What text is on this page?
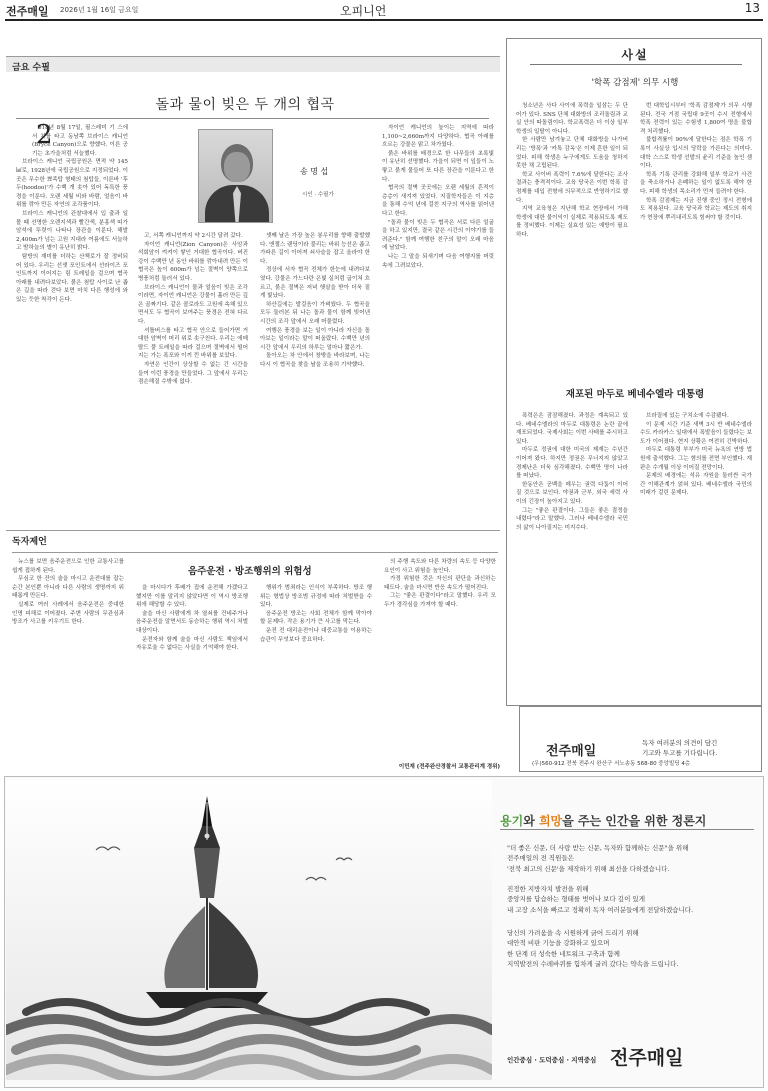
전주매일 2026년 1월 16일 금요일	오피니언	13
금요 수필
돌과 물이 빚은 두 개의 협곡
송 명 섭
시인 · 수필가
2

018년 8월 17일, 필스레미 기 스에서 차를 타고 동남쪽 브라이스 캐니언(Bryce Canyon)으로 향했다. 이른 공기는 초가을처럼 서늘했다.

브라이스 캐니언 국립공원은 면적 약 145㎢로, 1928년에 국립공원으로 지정되었다. 이곳은 무수한 뾰족탑 형태의 첨탑들, 이른바 '후두(hoodoo)'가 수백 개 솟아 있어 독특한 풍경을 이룬다. 오랜 세월 비와 바람, 얼음이 바위를 깎아 만든 자연의 조각품이다.

브라이스 캐니언의 관찰대에서 입 출과 일몰 때 선명한 오렌지색과 빨간색, 분홍색 띠가 암석에 뚜렷이 나타나 장관을 이룬다. 해발 2,400m가 넘는 고원 지대라 여름에도 서늘하고 밤하늘의 별이 유난히 밝다.

탐방의 재미를 더하는 산책로가 잘 정비되어 있다. 우리는 선셋 포인트에서 선라이즈 포인트까지 이어지는 림 트레일을 걸으며 협곡 아래를 내려다보았다. 붉은 첨탑 사이로 난 좁은 길을 따라 걷다 보면 마치 다른 행성에 와 있는 듯한 착각이 든다.

고, 서쪽 캐니언까지 약 2시간 달려 갔다.

자이언 캐니언(Zion Canyon)은 사암과 석회암이 켜켜이 쌓인 거대한 협곡이다. 버진강이 수백만 년 동안 바위를 깎아내려 만든 이 협곡은 높이 600m가 넘는 절벽이 양쪽으로 병풍처럼 둘러서 있다.

브라이스 캐니언이 물과 얼음이 빚은 조각이라면, 자이언 캐니언은 강물이 흘러 만든 깊은 골짜기다. 같은 콜로라도 고원에 속해 있으면서도 두 협곡이 보여주는 풍경은 전혀 다르다.

셔틀버스를 타고 협곡 안으로 들어가면 거대한 암벽이 머리 위로 솟구친다. 우리는 에메랄드 풀 트레일을 따라 걸으며 절벽에서 떨어지는 가는 폭포와 이끼 낀 바위를 보았다.

자연은 인간이 상상할 수 없는 긴 시간을 들여 이런 풍경을 만들었다. 그 앞에서 우리는 겸손해질 수밖에 없다.

셋째 날은 가장 높은 봉우리를 향해 출발했다. 앤젤스 랜딩이라 불리는 바위 능선은 좁고 가파른 길이 이어져 쇠사슬을 잡고 올라야 한다.

정상에 서자 협곡 전체가 한눈에 내려다보였다. 강물은 가느다란 은빛 실처럼 굽이쳐 흐르고, 붉은 절벽은 저녁 햇살을 받아 더욱 짙게 빛났다.

하산길에는 발걸음이 가벼웠다. 두 협곡을 모두 둘러본 뒤 나는 돌과 물이 함께 빚어낸 시간의 조각 앞에서 오래 머물렀다.

여행은 풍경을 보는 일이 아니라 자신을 돌아보는 일이라는 말이 떠올랐다. 수백만 년의 시간 앞에서 우리의 하루는 얼마나 짧은가.

돌아오는 차 안에서 창밖을 바라보며, 나는 다시 이 협곡을 찾을 날을 조용히 기약했다.

자이언 캐니언의 높이는 지역에 따라 1,100~2,660m까지 다양하다. 협곡 아래를 흐르는 강물은 맑고 차가웠다.

붉은 바위를 배경으로 한 나무들의 초록빛이 유난히 선명했다. 가을이 되면 이 잎들이 노랗고 붉게 물들어 또 다른 장관을 이룬다고 한다.

협곡의 절벽 곳곳에는 오랜 세월의 흔적이 층층이 새겨져 있었다. 지질학자들은 이 지층을 통해 수억 년에 걸친 지구의 역사를 읽어낸다고 한다.

"돌과 물이 빚은 두 협곡은 서로 다른 얼굴을 하고 있지만, 결국 같은 시간의 이야기를 들려준다." 함께 여행한 친구의 말이 오래 마음에 남았다.

나는 그 말을 되새기며 다음 여행지를 머릿속에 그려보았다.

사설
'학폭 감점제' 의무 시행

청소년은 사다 사이에 폭력을 일삼는 두 단어가 있다. SNS 단체 대화방의 조리돌림과 교실 안의 따돌림이다. 학교폭력은 더 이상 일부 학생의 일탈이 아니다.

한 사람만 남겨놓고 단체 대화방을 나가버리는 '방폭'과 '카톡 감옥'은 이제 흔한 일이 되었다. 피해 학생은 누구에게도 도움을 청하지 못한 채 고립된다.

학교 사이버 폭력이 7.6%에 달한다는 조사 결과는 충격적이다. 교육 당국은 이번 학폭 감점제를 대입 전형에 의무적으로 반영하기로 했다.

지역 교육청은 지난해 학교 현장에서 가해 학생에 대한 불이익이 실제로 적용되도록 제도를 정비했다. 이제는 실효성 있는 예방이 필요하다.

번 대학입시부터 '학폭 감점제'가 의무 시행된다. 전국 거점 국립대 9곳이 수시 전형에서 학폭 전력이 있는 수험생 1,800여 명을 불합격 처리했다.

불합격률이 90%에 달한다는 점은 학폭 기록이 사실상 입시의 당락을 가른다는 의미다. 대학 스스로 학생 선발의 윤리 기준을 높인 셈이다.

학폭 기록 관리를 강화해 일부 학교가 사건을 축소하거나 은폐하는 일이 없도록 해야 한다. 피해 학생의 목소리가 먼저 들려야 한다.

학폭 감점제는 지금 진행 중인 정시 전형에도 적용된다. 교육 당국과 학교는 제도의 취지가 현장에 뿌리내리도록 힘써야 할 것이다.

재포된 마두로 베네수엘라 대통령

폭력은은 잠잠해졌다. 과정은 계속되고 있다. 베네수엘라의 마두로 대통령은 논란 끝에 재포되었다. 국제사회는 이번 사태를 주시하고 있다.

마두로 정권에 대한 미국의 제재는 수년간 이어져 왔다. 하지만 정권은 무너지지 않았고 경제난은 더욱 심각해졌다. 수백만 명이 나라를 떠났다.

한동안은 공백을 메우는 권력 다툼이 이어질 것으로 보인다. 야권과 군부, 외국 세력 사이의 긴장이 높아지고 있다.

그는 "좋은 판결이다. 그들은 좋은 결정을 내렸다"라고 말했다. 그러나 베네수엘라 국민의 삶이 나아질지는 미지수다.

브라질에 있는 구치소에 수감됐다.

이 문제 시간 기준 새벽 3시 반 베네수엘라 수도 카라카스 일대에서 폭발음이 들렸다는 보도가 이어졌다. 현지 상황은 여전히 긴박하다.

마두로 대통령 부부가 미국 뉴욕의 연방 법원에 출석했다. 그는 혐의를 전면 부인했다. 재판은 수개월 이상 이어질 전망이다.

문제의 배경에는 석유 자원을 둘러싼 국가 간 이해관계가 얽혀 있다. 베네수엘라 국민의 미래가 걸린 문제다.

독자제언
음주운전 · 방조행위의 위험성

뉴스를 보면 음주운전으로 인한 교통사고를 쉽게 접하게 된다.

무심코 한 잔의 술을 마시고 운전대를 잡는 순간 본인뿐 아니라 다른 사람의 생명까지 위태롭게 만든다.

실제로 여러 사례에서 음주운전은 중대한 인명 피해로 이어졌다. 주변 사람의 무관심과 방조가 사고를 키우기도 한다.

을 마시다가 후배가 집에 운전해 가겠다고 했지만 이를 말리지 않았다면 이 역시 방조행위에 해당할 수 있다.

술을 마신 사람에게 차 열쇠를 건네주거나 음주운전을 알면서도 동승하는 행위 역시 처벌 대상이다.

운전자와 함께 술을 마신 사람도 책임에서 자유로울 수 없다는 사실을 기억해야 한다.

행위가 범죄라는 인식이 부족하다. 방조 행위는 형법상 방조범 규정에 따라 처벌받을 수 있다.

음주운전 방조는 사회 전체가 함께 막아야 할 문제다. 작은 용기가 큰 사고를 막는다.

운전 전 대리운전이나 대중교통을 이용하는 습관이 무엇보다 중요하다.

의 주행 속도와 다른 차량의 속도 등 다양한 요인이 사고 위험을 높인다.

가정 위험한 것은 자신의 판단을 과신하는 태도다. 술을 마시면 반응 속도가 떨어진다.

그는 "좋은 판결이다"라고 말했다. 우리 모두가 경각심을 가져야 할 때다.

이민재 (전주완산경찰서 교통관리계 경위)
전주매일
독자 여러분의 의견이 담긴
기고와 투고를 기다립니다.
(우)560-912 전북 전주시 완산구 서노송동 568-80 중앙빌딩 4층
용기와 희망을 주는 인간을 위한 정론지
"더 좋은 신문, 더 사랑 받는 신문, 독자와 함께하는 신문"을 위해
전주매일의 전 직원들은
'전북 최고의 신문'을 제작하기 위해 최선을 다하겠습니다.
진정한 지방자치 발전을 위해
중앙지를 답습하는 형태를 벗어나 보다 깊이 있게
내 고장 소식을 빠르고 정확히 독자 여러분들에게 전달하겠습니다.
당신의 가려움을 속 시원하게 긁어 드리기 위해
대안적 비판 기능을 강화하고 있으며
한 단계 더 성숙한 네트워크 구축과 함께
지역발전의 수레바퀴를 힘차게 굴려 갔다는 약속을 드립니다.
인간중심 · 도덕중심 · 지역중심 전주매일
